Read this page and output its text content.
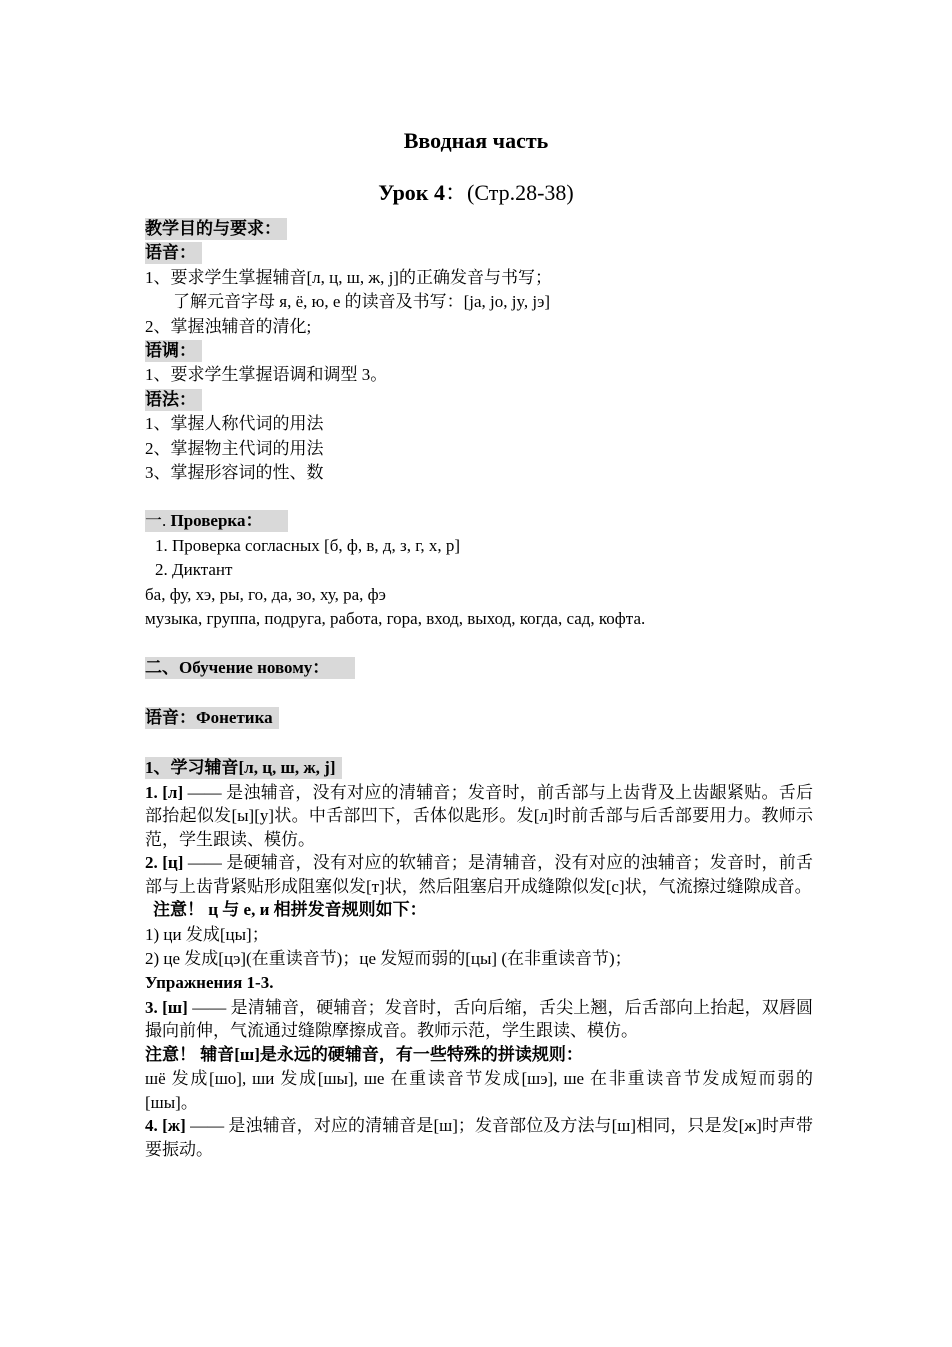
Вводная часть
Урок 4：(Стр.28-38)
教学目的与要求：
语音：
1、要求学生掌握辅音[л, ц, ш, ж, j]的正确发音与书写；
了解元音字母 я, ё, ю, е 的读音及书写：[ja, jo, jy, jэ]
2、掌握浊辅音的清化;
语调：
1、要求学生掌握语调和调型 3。
语法：
1、掌握人称代词的用法
2、掌握物主代词的用法
3、掌握形容词的性、数
一. Проверка：
1. Проверка согласных [б, ф, в, д, з, г, х, р]
2. Диктант
ба, фу, хэ, ры, го, да, зо, ху, ра, фэ
музыка, группа, подруга, работа, гора, вход, выход, когда, сад, кофта.
二、Обучение новому：
语音：Фонетика
1、学习辅音[л, ц, ш, ж, j]
1. [л] —— 是浊辅音，没有对应的清辅音；发音时，前舌部与上齿背及上齿龈紧贴。舌后部抬起似发[ы][у]状。中舌部凹下，舌体似匙形。发[л]时前舌部与后舌部要用力。教师示范，学生跟读、模仿。
2. [ц] —— 是硬辅音，没有对应的软辅音；是清辅音，没有对应的浊辅音；发音时，前舌部与上齿背紧贴形成阻塞似发[т]状，然后阻塞启开成缝隙似发[с]状，气流擦过缝隙成音。
注意！ ц 与 е, и 相拼发音规则如下：
1) ци 发成[цы]；
2) це 发成[цэ](在重读音节)；це 发短而弱的[цы] (在非重读音节)；
Упражнения 1-3.
3. [ш] —— 是清辅音，硬辅音；发音时，舌向后缩，舌尖上翘，后舌部向上抬起，双唇圆撮向前伸，气流通过缝隙摩擦成音。教师示范，学生跟读、模仿。
注意！ 辅音[ш]是永远的硬辅音，有一些特殊的拼读规则：
шё 发成[шо], ши 发成[шы], ше 在重读音节发成[шэ], ше 在非重读音节发成短而弱的[шы]。
4. [ж] —— 是浊辅音，对应的清辅音是[ш]；发音部位及方法与[ш]相同，只是发[ж]时声带要振动。
